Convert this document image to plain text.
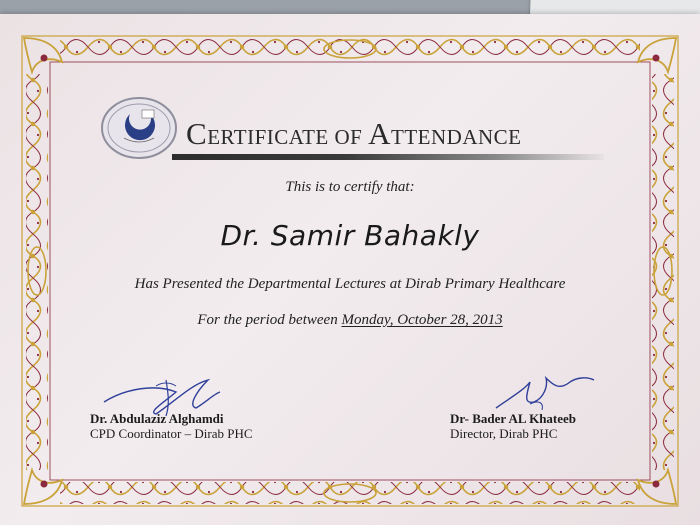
CERTIFICATE OF ATTENDANCE
This is to certify that:
Dr. Samir Bahakly
Has Presented the Departmental Lectures at Dirab Primary Healthcare
For the period between Monday, October 28, 2013
Dr. Abdulaziz Alghamdi
CPD Coordinator – Dirab PHC
Dr- Bader AL Khateeb
Director, Dirab PHC
